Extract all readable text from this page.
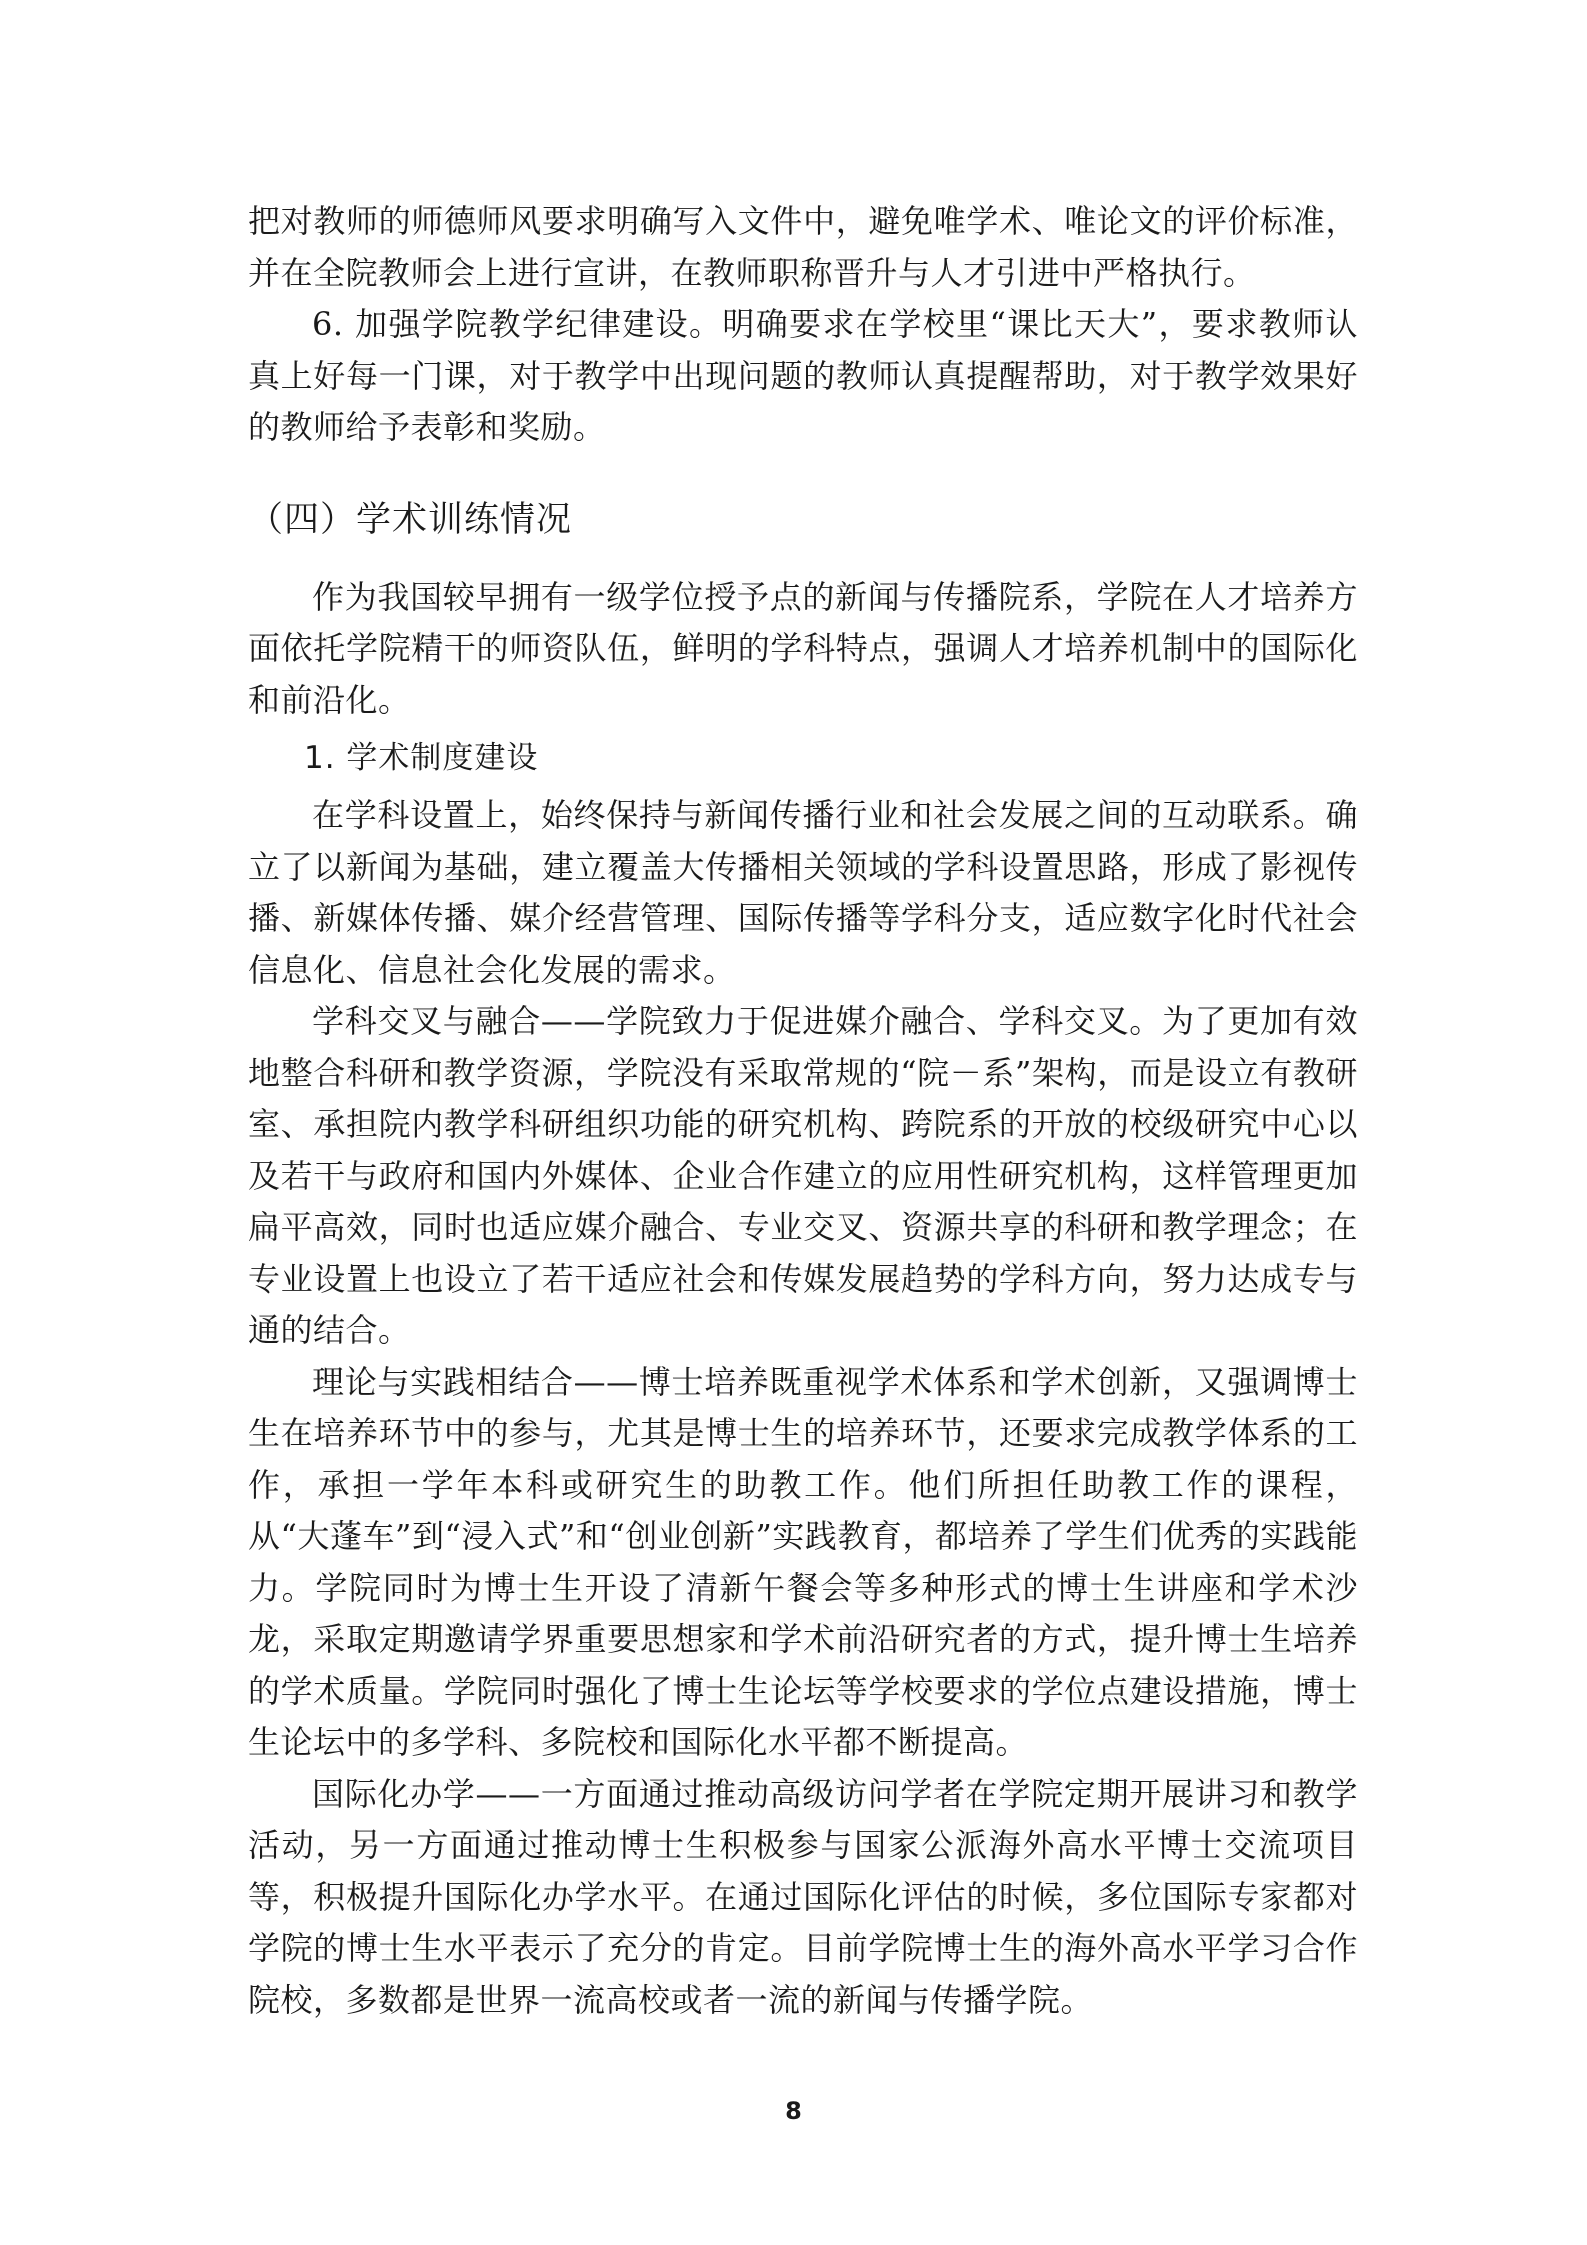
把对教师的师德师风要求明确写入文件中，避免唯学术、唯论文的评价标准，并在全院教师会上进行宣讲，在教师职称晋升与人才引进中严格执行。

6. 加强学院教学纪律建设。明确要求在学校里“课比天大”，要求教师认真上好每一门课，对于教学中出现问题的教师认真提醒帮助，对于教学效果好的教师给予表彰和奖励。

（四）学术训练情况

作为我国较早拥有一级学位授予点的新闻与传播院系，学院在人才培养方面依托学院精干的师资队伍，鲜明的学科特点，强调人才培养机制中的国际化和前沿化。

1. 学术制度建设

在学科设置上，始终保持与新闻传播行业和社会发展之间的互动联系。确立了以新闻为基础，建立覆盖大传播相关领域的学科设置思路，形成了影视传播、新媒体传播、媒介经营管理、国际传播等学科分支，适应数字化时代社会信息化、信息社会化发展的需求。

学科交叉与融合——学院致力于促进媒介融合、学科交叉。为了更加有效地整合科研和教学资源，学院没有采取常规的“院－系”架构，而是设立有教研室、承担院内教学科研组织功能的研究机构、跨院系的开放的校级研究中心以及若干与政府和国内外媒体、企业合作建立的应用性研究机构，这样管理更加扁平高效，同时也适应媒介融合、专业交叉、资源共享的科研和教学理念；在专业设置上也设立了若干适应社会和传媒发展趋势的学科方向，努力达成专与通的结合。

理论与实践相结合——博士培养既重视学术体系和学术创新，又强调博士生在培养环节中的参与，尤其是博士生的培养环节，还要求完成教学体系的工作，承担一学年本科或研究生的助教工作。他们所担任助教工作的课程，从“大蓬车”到“浸入式”和“创业创新”实践教育，都培养了学生们优秀的实践能力。学院同时为博士生开设了清新午餐会等多种形式的博士生讲座和学术沙龙，采取定期邀请学界重要思想家和学术前沿研究者的方式，提升博士生培养的学术质量。学院同时强化了博士生论坛等学校要求的学位点建设措施，博士生论坛中的多学科、多院校和国际化水平都不断提高。

国际化办学——一方面通过推动高级访问学者在学院定期开展讲习和教学活动，另一方面通过推动博士生积极参与国家公派海外高水平博士交流项目等，积极提升国际化办学水平。在通过国际化评估的时候，多位国际专家都对学院的博士生水平表示了充分的肯定。目前学院博士生的海外高水平学习合作院校，多数都是世界一流高校或者一流的新闻与传播学院。

8
